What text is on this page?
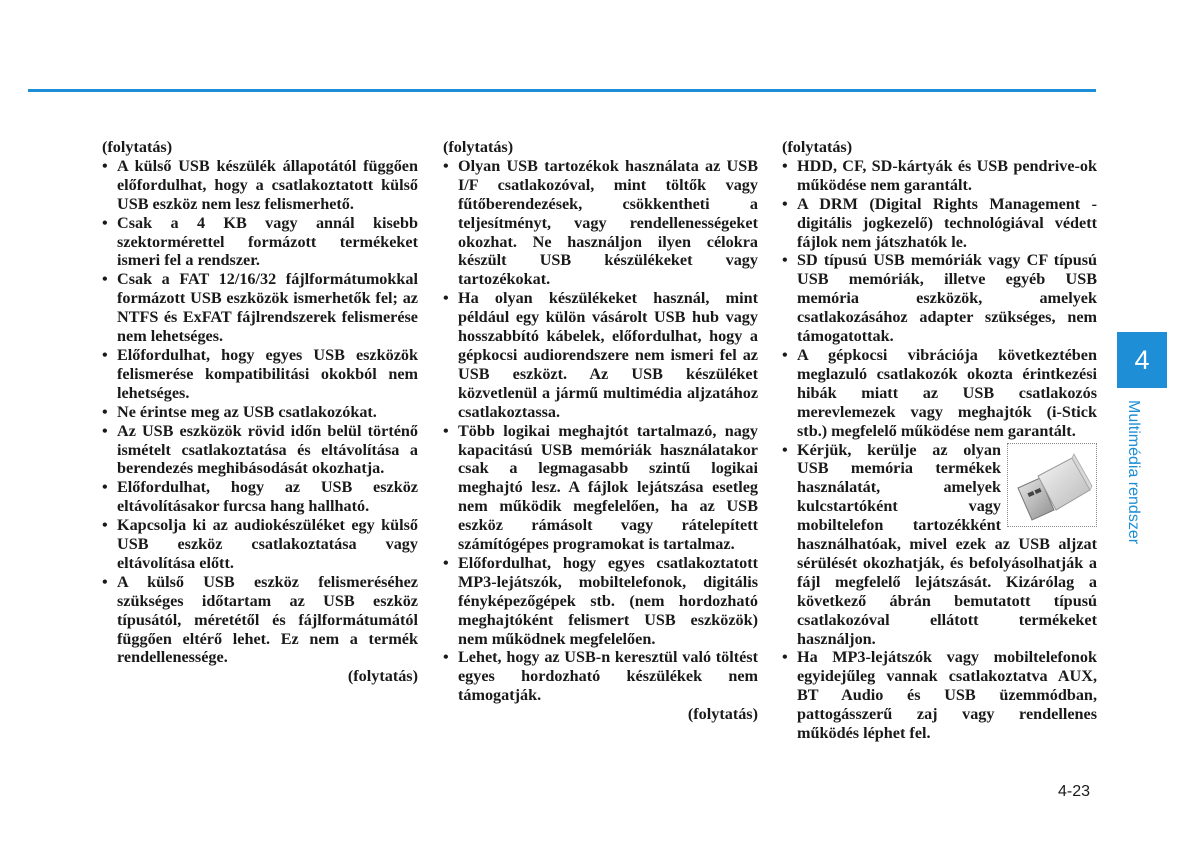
(folytatás)
• A külső USB készülék állapotától függően előfordulhat, hogy a csatlakoztatott külső USB eszköz nem lesz felismerhető.
• Csak a 4 KB vagy annál kisebb szektormérettel formázott termékeket ismeri fel a rendszer.
• Csak a FAT 12/16/32 fájlformátumokkal formázott USB eszközök ismerhetők fel; az NTFS és ExFAT fájlrendszerek felismerése nem lehetséges.
• Előfordulhat, hogy egyes USB eszközök felismerése kompatibilitási okokból nem lehetséges.
• Ne érintse meg az USB csatlakozókat.
• Az USB eszközök rövid időn belül történő ismételt csatlakoztatása és eltávolítása a berendezés meghibásodását okozhatja.
• Előfordulhat, hogy az USB eszköz eltávolításakor furcsa hang hallható.
• Kapcsolja ki az audiokészüléket egy külső USB eszköz csatlakoztatása vagy eltávolítása előtt.
• A külső USB eszköz felismeréséhez szükséges időtartam az USB eszköz típusától, méretétől és fájlformátumától függően eltérő lehet. Ez nem a termék rendellenessége.
(folytatás)
(folytatás)
• Olyan USB tartozékok használata az USB I/F csatlakozóval, mint töltők vagy fűtőberendezések, csökkentheti a teljesítményt, vagy rendellenességeket okozhat. Ne használjon ilyen célokra készült USB készülékeket vagy tartozékokat.
• Ha olyan készülékeket használ, mint például egy külön vásárolt USB hub vagy hosszabbító kábelek, előfordulhat, hogy a gépkocsi audiorendszere nem ismeri fel az USB eszközt. Az USB készüléket közvetlenül a jármű multimédia aljzatához csatlakoztassa.
• Több logikai meghajtót tartalmazó, nagy kapacitású USB memóriák használatakor csak a legmagasabb szintű logikai meghajtó lesz. A fájlok lejátszása esetleg nem működik megfelelően, ha az USB eszköz rámásolt vagy rátelepített számítógépes programokat is tartalmaz.
• Előfordulhat, hogy egyes csatlakoztatott MP3-lejátszók, mobiltelefonok, digitális fényképezőgépek stb. (nem hordozható meghajtóként felismert USB eszközök) nem működnek megfelelően.
• Lehet, hogy az USB-n keresztül való töltést egyes hordozható készülékek nem támogatják.
(folytatás)
(folytatás)
• HDD, CF, SD-kártyák és USB pendrive-ok működése nem garantált.
• A DRM (Digital Rights Management - digitális jogkezelő) technológiával védett fájlok nem játszhatók le.
• SD típusú USB memóriák vagy CF típusú USB memóriák, illetve egyéb USB memória eszközök, amelyek csatlakozásához adapter szükséges, nem támogatottak.
• A gépkocsi vibrációja következtében meglazuló csatlakozók okozta érintkezési hibák miatt az USB csatlakozós merevlemezek vagy meghajtók (i-Stick stb.) megfelelő működése nem garantált.
• Kérjük, kerülje az olyan USB memória termékek használatát, amelyek kulcstartóként vagy mobiltelefon tartozékként használhatóak, mivel ezek az USB aljzat sérülését okozhatják, és befolyásolhatják a fájl megfelelő lejátszását. Kizárólag a következő ábrán bemutatott típusú csatlakozóval ellátott termékeket használjon.
• Ha MP3-lejátszók vagy mobiltelefonok egyidejűleg vannak csatlakoztatva AUX, BT Audio és USB üzemmódban, pattogásszerű zaj vagy rendellenes működés léphet fel.
4
Multimédia rendszer
4-23
